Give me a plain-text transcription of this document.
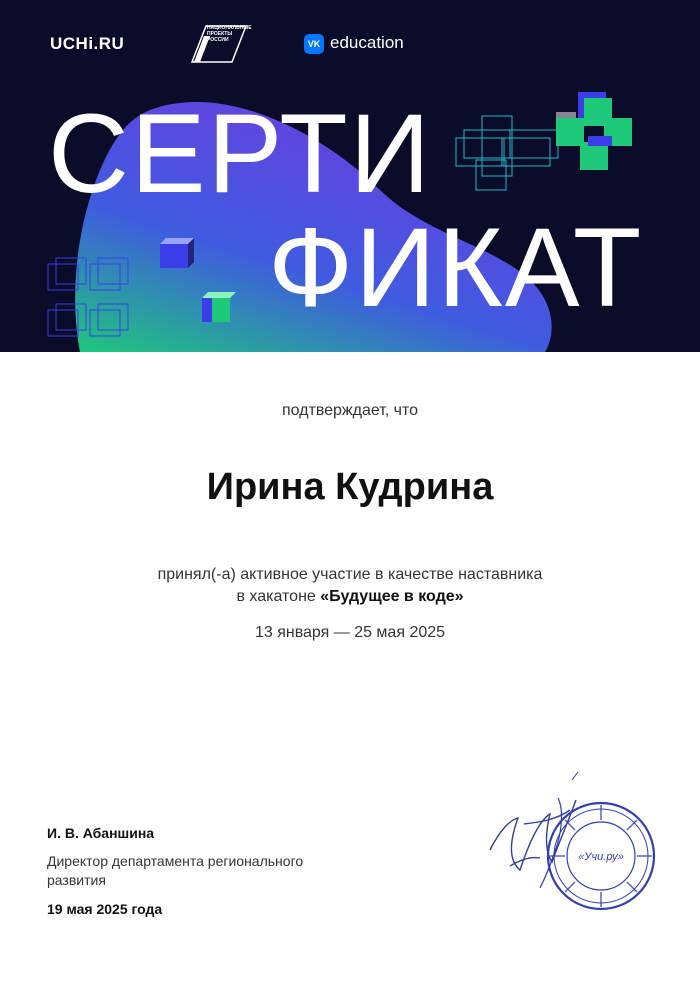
UCHi.RU
НАЦИОНАЛЬНЫЕ ПРОЕКТЫ РОССИИ	VK education
СЕРТИ
ФИКАТ
подтверждает, что
Ирина Кудрина
принял(-а) активное участие в качестве наставника
в хакатоне «Будущее в коде»
13 января — 25 мая 2025
И. В. Абаншина
Директор департамента регионального развития
19 мая 2025 года
«Учи.ру»
